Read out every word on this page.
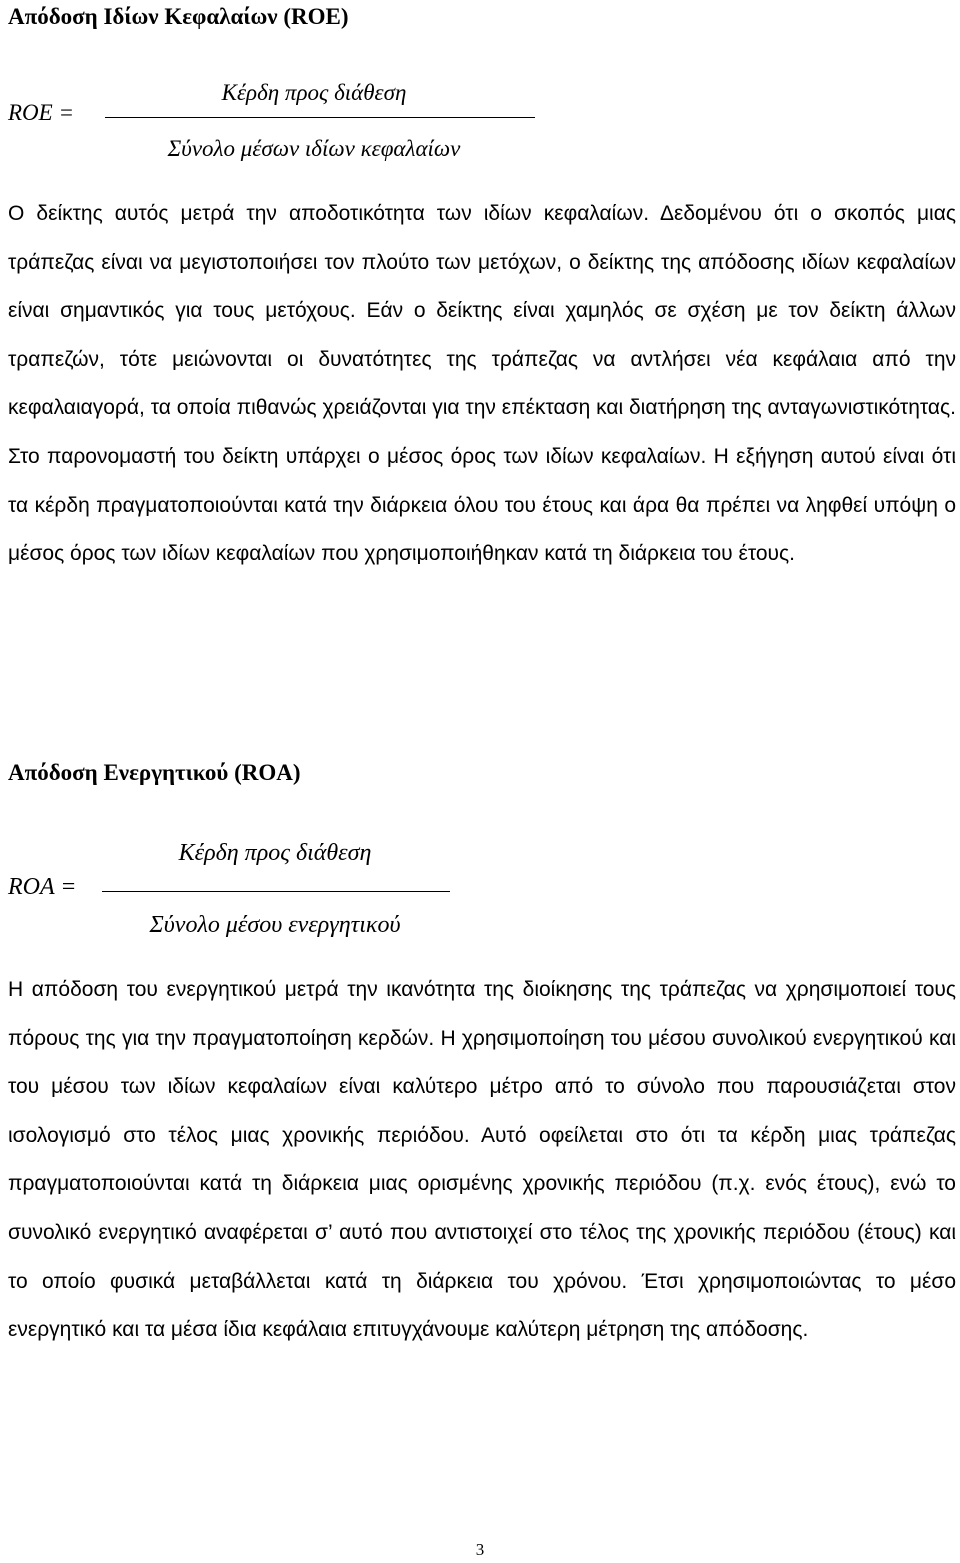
Απόδοση Ιδίων Κεφαλαίων (ROE)
ROE =
Κέρδη προς διάθεση
Σύνολο μέσων ιδίων κεφαλαίων

Ο δείκτης αυτός μετρά την αποδοτικότητα των ιδίων κεφαλαίων. Δεδομένου ότι ο σκοπός μιας τράπεζας είναι να μεγιστοποιήσει τον πλούτο των μετόχων, ο δείκτης της απόδοσης ιδίων κεφαλαίων είναι σημαντικός για τους μετόχους. Εάν ο δείκτης είναι χαμηλός σε σχέση με τον δείκτη άλλων τραπεζών, τότε μειώνονται οι δυνατότητες της τράπεζας να αντλήσει νέα κεφάλαια από την κεφαλαιαγορά, τα οποία πιθανώς χρειάζονται για την επέκταση και διατήρηση της ανταγωνιστικότητας. Στο παρονομαστή του δείκτη υπάρχει ο μέσος όρος των ιδίων κεφαλαίων. Η εξήγηση αυτού είναι ότι τα κέρδη πραγματοποιούνται κατά την διάρκεια όλου του έτους και άρα θα πρέπει να ληφθεί υπόψη ο μέσος όρος των ιδίων κεφαλαίων που χρησιμοποιήθηκαν κατά τη διάρκεια του έτους.

Απόδοση Ενεργητικού (ROA)
ROA =
Κέρδη προς διάθεση
Σύνολο μέσου ενεργητικού

Η απόδοση του ενεργητικού μετρά την ικανότητα της διοίκησης της τράπεζας να χρησιμοποιεί τους πόρους της για την πραγματοποίηση κερδών. Η χρησιμοποίηση του μέσου συνολικού ενεργητικού και του μέσου των ιδίων κεφαλαίων είναι καλύτερο μέτρο από το σύνολο που παρουσιάζεται στον ισολογισμό στο τέλος μιας χρονικής περιόδου. Αυτό οφείλεται στο ότι τα κέρδη μιας τράπεζας πραγματοποιούνται κατά τη διάρκεια μιας ορισμένης χρονικής περιόδου (π.χ. ενός έτους), ενώ το συνολικό ενεργητικό αναφέρεται σ’ αυτό που αντιστοιχεί στο τέλος της χρονικής περιόδου (έτους) και το οποίο φυσικά μεταβάλλεται κατά τη διάρκεια του χρόνου. Έτσι χρησιμοποιώντας το μέσο ενεργητικό και τα μέσα ίδια κεφάλαια επιτυγχάνουμε καλύτερη μέτρηση της απόδοσης.

3
